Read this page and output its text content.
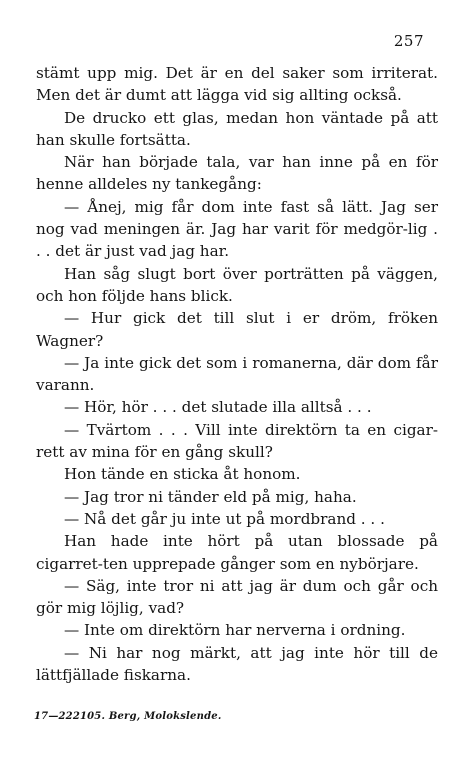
257

stämt upp mig. Det är en del saker som irriterat. Men det är dumt att lägga vid sig allting också.

De drucko ett glas, medan hon väntade på att han skulle fortsätta.

När han började tala, var han inne på en för henne alldeles ny tankegång:

— Ånej, mig får dom inte fast så lätt. Jag ser nog vad meningen är. Jag har varit för medgör-lig . . . det är just vad jag har.

Han såg slugt bort över porträtten på väggen, och hon följde hans blick.

— Hur gick det till slut i er dröm, fröken Wagner?

— Ja inte gick det som i romanerna, där dom får varann.

— Hör, hör . . . det slutade illa alltså . . .

— Tvärtom . . . Vill inte direktörn ta en cigar-rett av mina för en gång skull?

Hon tände en sticka åt honom.

— Jag tror ni tänder eld på mig, haha.

— Nå det går ju inte ut på mordbrand . . .

Han hade inte hört på utan blossade på cigarret-ten upprepade gånger som en nybörjare.

— Säg, inte tror ni att jag är dum och går och gör mig löjlig, vad?

— Inte om direktörn har nerverna i ordning.

— Ni har nog märkt, att jag inte hör till de lättfjällade fiskarna.

17—222105. Berg, Molokslende.
